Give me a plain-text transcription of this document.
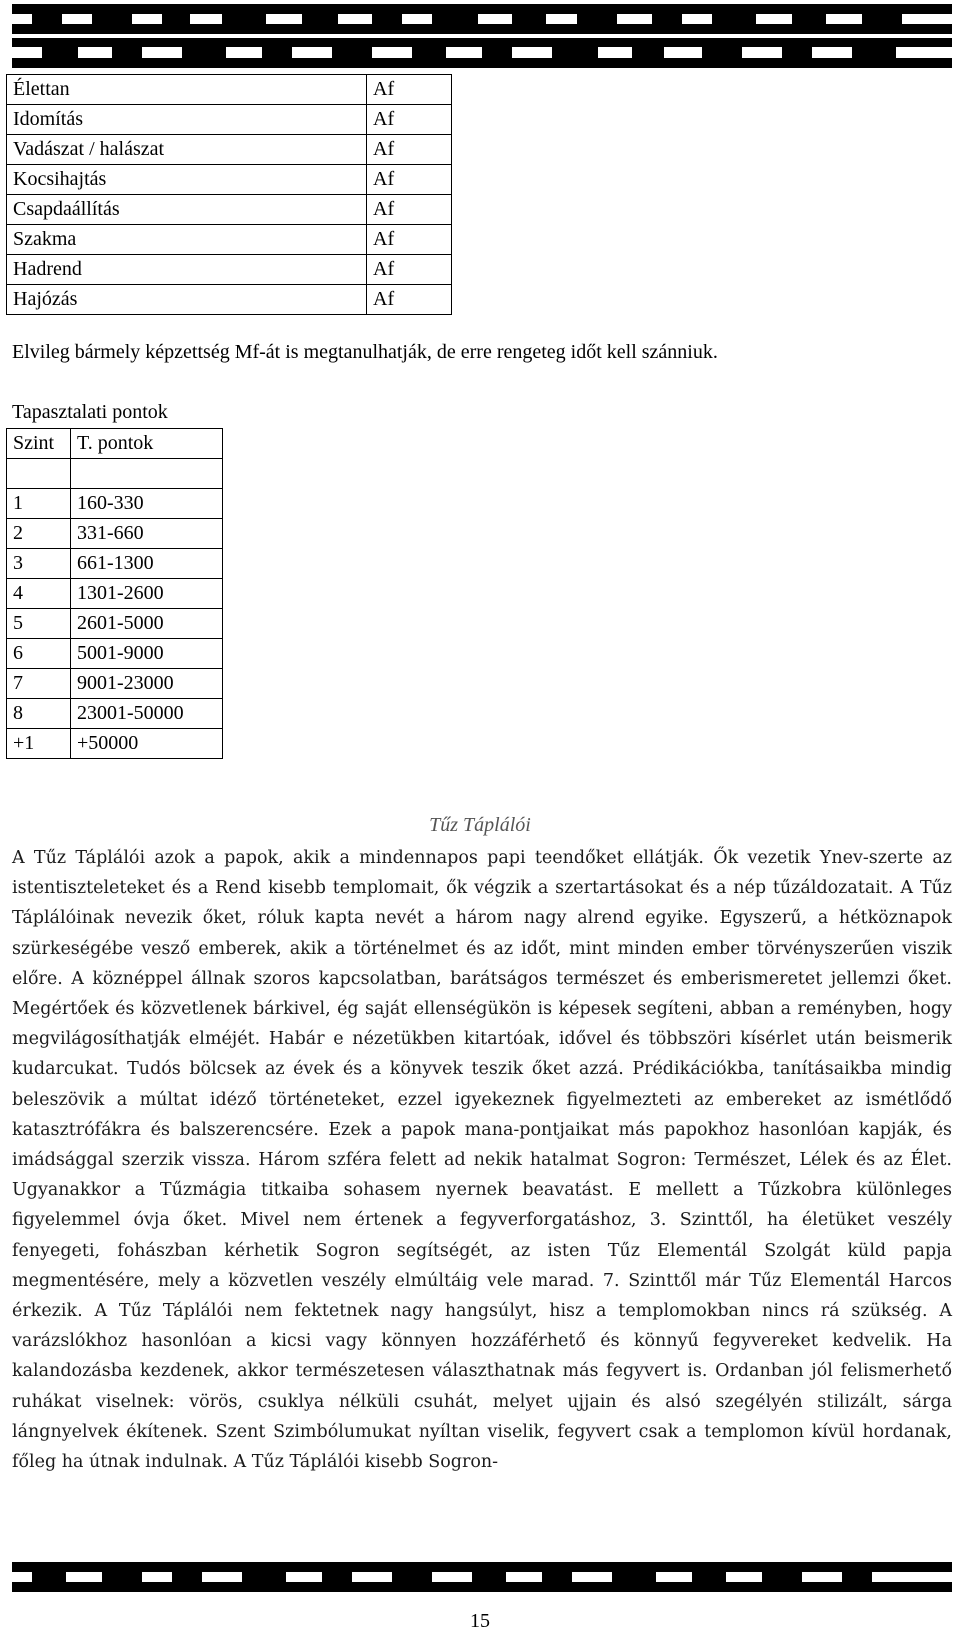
Élettan	Af
Idomítás	Af
Vadászat / halászat	Af
Kocsihajtás	Af
Csapdaállítás	Af
Szakma	Af
Hadrend	Af
Hajózás	Af

Elvileg bármely képzettség Mf-át is megtanulhatják, de erre rengeteg időt kell szánniuk.

Tapasztalati pontok

Szint	T. pontok

1	160-330
2	331-660
3	661-1300
4	1301-2600
5	2601-5000
6	5001-9000
7	9001-23000
8	23001-50000
+1	+50000

Tűz Táplálói

A Tűz Táplálói azok a papok, akik a mindennapos papi teendőket ellátják. Ők vezetik Ynev-szerte az istentiszteleteket és a Rend kisebb templomait, ők végzik a szertartásokat és a nép tűzáldozatait. A Tűz Táplálóinak nevezik őket, róluk kapta nevét a három nagy alrend egyike. Egyszerű, a hétköznapok szürkeségébe vesző emberek, akik a történelmet és az időt, mint minden ember törvényszerűen viszik előre. A köznéppel állnak szoros kapcsolatban, barátságos természet és emberismeretet jellemzi őket. Megértőek és közvetlenek bárkivel, ég saját ellenségükön is képesek segíteni, abban a reményben, hogy megvilágosíthatják elméjét. Habár e nézetükben kitartóak, idővel és többszöri kísérlet után beismerik kudarcukat. Tudós bölcsek az évek és a könyvek teszik őket azzá. Prédikációkba, tanításaikba mindig beleszövik a múltat idéző történeteket, ezzel igyekeznek figyelmezteti az embereket az ismétlődő katasztrófákra és balszerencsére. Ezek a papok mana-pontjaikat más papokhoz hasonlóan kapják, és imádsággal szerzik vissza. Három szféra felett ad nekik hatalmat Sogron: Természet, Lélek és az Élet. Ugyanakkor a Tűzmágia titkaiba sohasem nyernek beavatást. E mellett a Tűzkobra különleges figyelemmel óvja őket. Mivel nem értenek a fegyverforgatáshoz, 3. Szinttől, ha életüket veszély fenyegeti, fohászban kérhetik Sogron segítségét, az isten Tűz Elementál Szolgát küld papja megmentésére, mely a közvetlen veszély elmúltáig vele marad. 7. Szinttől már Tűz Elementál Harcos érkezik. A Tűz Táplálói nem fektetnek nagy hangsúlyt, hisz a templomokban nincs rá szükség. A varázslókhoz hasonlóan a kicsi vagy könnyen hozzáférhető és könnyű fegyvereket kedvelik. Ha kalandozásba kezdenek, akkor természetesen választhatnak más fegyvert is. Ordanban jól felismerhető ruhákat viselnek: vörös, csuklya nélküli csuhát, melyet ujjain és alsó szegélyén stilizált, sárga lángnyelvek ékítenek. Szent Szimbólumukat nyíltan viselik, fegyvert csak a templomon kívül hordanak, főleg ha útnak indulnak. A Tűz Táplálói kisebb Sogron-

15
